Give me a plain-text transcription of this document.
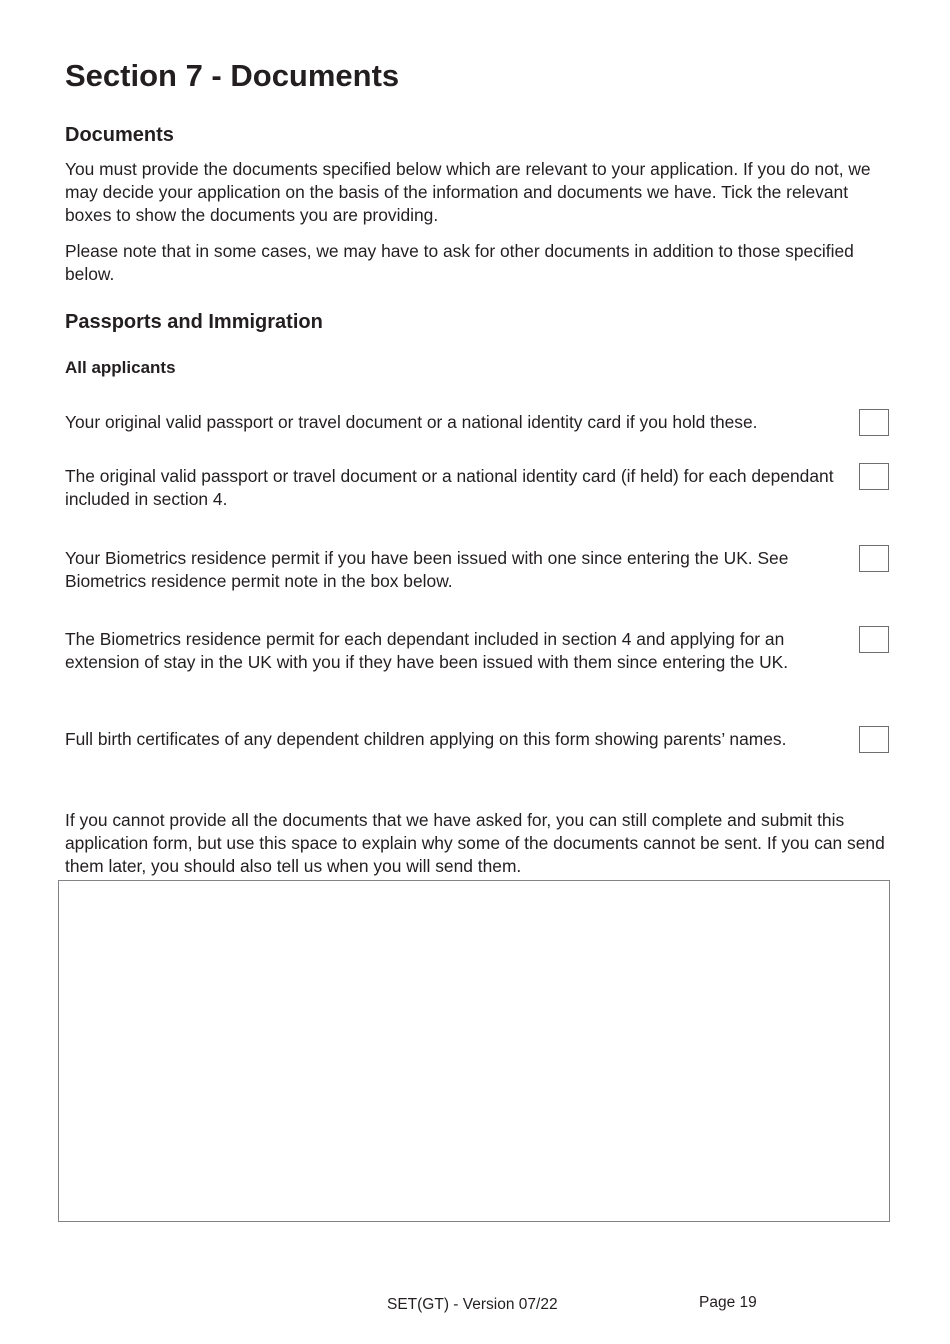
Section 7 - Documents
Documents

You must provide the documents specified below which are relevant to your application. If you do not, we may decide your application on the basis of the information and documents we have. Tick the relevant boxes to show the documents you are providing.

Please note that in some cases, we may have to ask for other documents in addition to those specified below.

Passports and Immigration
All applicants

Your original valid passport or travel document or a national identity card if you hold these.

The original valid passport or travel document or a national identity card (if held) for each dependant included in section 4.

Your Biometrics residence permit if you have been issued with one since entering the UK. See Biometrics residence permit note in the box below.

The Biometrics residence permit for each dependant included in section 4 and applying for an extension of stay in the UK with you if they have been issued with them since entering the UK.

Full birth certificates of any dependent children applying on this form showing parents’ names.

If you cannot provide all the documents that we have asked for, you can still complete and submit this application form, but use this space to explain why some of the documents cannot be sent. If you can send them later, you should also tell us when you will send them.

SET(GT) - Version 07/22	Page 19
